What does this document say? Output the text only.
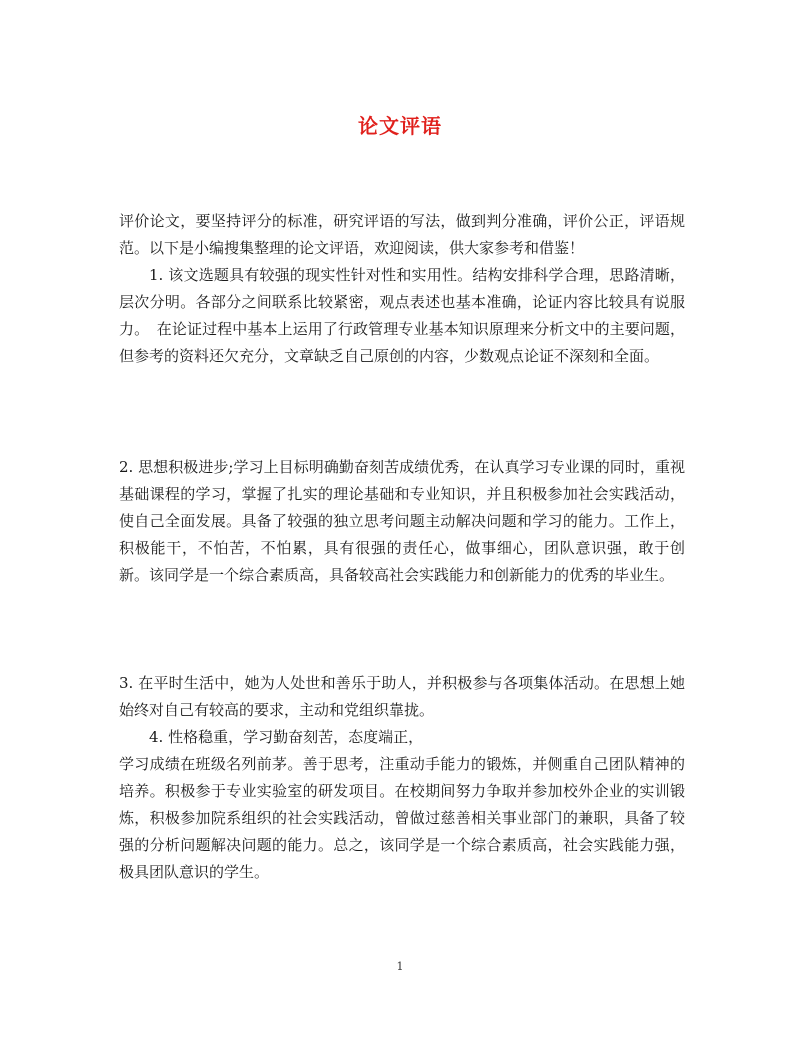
论文评语

评价论文，要坚持评分的标准，研究评语的写法，做到判分准确，评价公正，评语规范。以下是小编搜集整理的论文评语，欢迎阅读，供大家参考和借鉴！

1. 该文选题具有较强的现实性针对性和实用性。结构安排科学合理，思路清晰，层次分明。各部分之间联系比较紧密，观点表述也基本准确，论证内容比较具有说服力。　在论证过程中基本上运用了行政管理专业基本知识原理来分析文中的主要问题，但参考的资料还欠充分，文章缺乏自己原创的内容，少数观点论证不深刻和全面。

2. 思想积极进步;学习上目标明确勤奋刻苦成绩优秀，在认真学习专业课的同时，重视基础课程的学习，掌握了扎实的理论基础和专业知识，并且积极参加社会实践活动，使自己全面发展。具备了较强的独立思考问题主动解决问题和学习的能力。工作上，积极能干，不怕苦，不怕累，具有很强的责任心，做事细心，团队意识强，敢于创新。该同学是一个综合素质高，具备较高社会实践能力和创新能力的优秀的毕业生。

3. 在平时生活中，她为人处世和善乐于助人，并积极参与各项集体活动。在思想上她始终对自己有较高的要求，主动和党组织靠拢。

4. 性格稳重，学习勤奋刻苦，态度端正，

学习成绩在班级名列前茅。善于思考，注重动手能力的锻炼，并侧重自己团队精神的培养。积极参于专业实验室的研发项目。在校期间努力争取并参加校外企业的实训锻炼，积极参加院系组织的社会实践活动，曾做过慈善相关事业部门的兼职，具备了较强的分析问题解决问题的能力。总之，该同学是一个综合素质高，社会实践能力强，极具团队意识的学生。

1
